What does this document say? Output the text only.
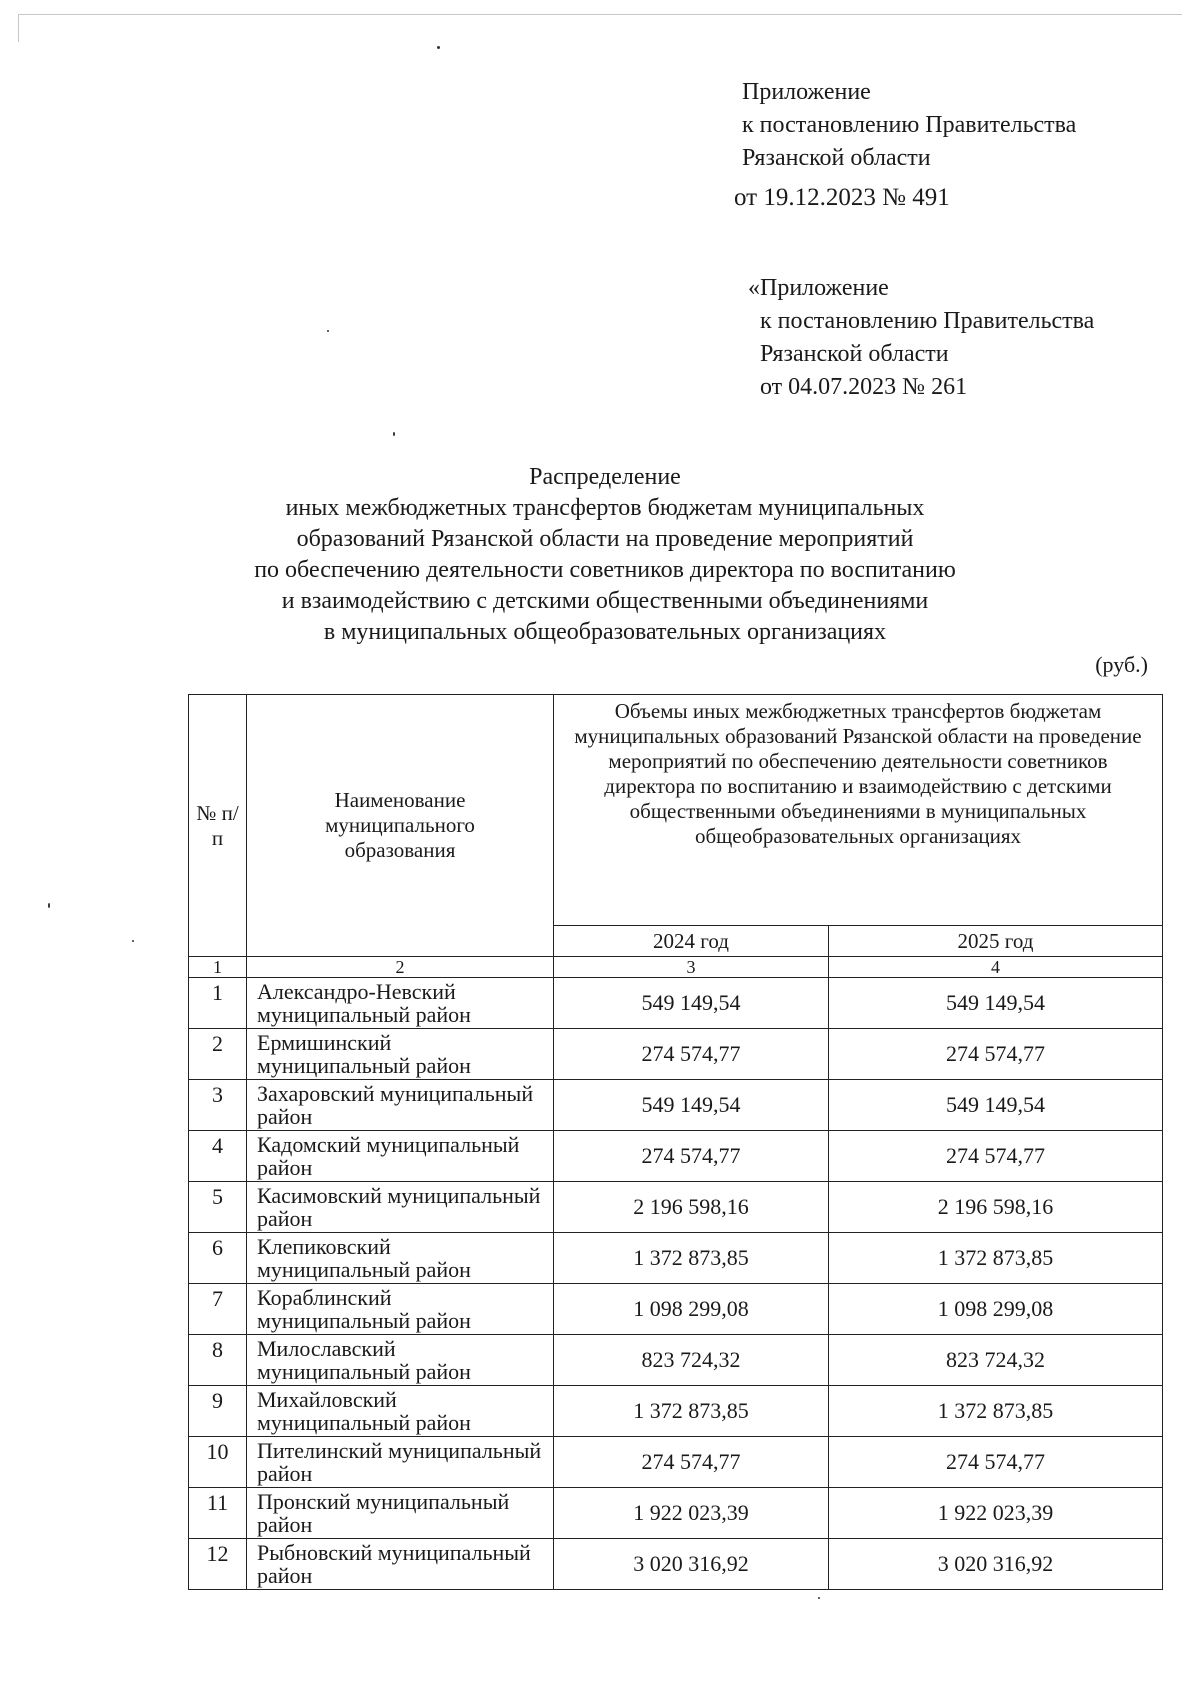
Приложение
к постановлению Правительства
Рязанской области
от 19.12.2023 № 491
«Приложение
к постановлению Правительства
Рязанской области
от 04.07.2023 № 261
Распределение
иных межбюджетных трансфертов бюджетам муниципальных
образований Рязанской области на проведение мероприятий
по обеспечению деятельности советников директора по воспитанию
и взаимодействию с детскими общественными объединениями
в муниципальных общеобразовательных организациях
(руб.)
№ п/п	Наименование муниципального образования	Объемы иных межбюджетных трансфертов бюджетам муниципальных образований Рязанской области на проведение мероприятий по обеспечению деятельности советников директора по воспитанию и взаимодействию с детскими общественными объединениями в муниципальных общеобразовательных организациях	
		2024 год	2025 год
1	2	3	4
1	Александро-Невский муниципальный район	549 149,54	549 149,54
2	Ермишинский муниципальный район	274 574,77	274 574,77
3	Захаровский муниципальный район	549 149,54	549 149,54
4	Кадомский муниципальный район	274 574,77	274 574,77
5	Касимовский муниципальный район	2 196 598,16	2 196 598,16
6	Клепиковский муниципальный район	1 372 873,85	1 372 873,85
7	Кораблинский муниципальный район	1 098 299,08	1 098 299,08
8	Милославский муниципальный район	823 724,32	823 724,32
9	Михайловский муниципальный район	1 372 873,85	1 372 873,85
10	Пителинский муниципальный район	274 574,77	274 574,77
11	Пронский муниципальный район	1 922 023,39	1 922 023,39
12	Рыбновский муниципальный район	3 020 316,92	3 020 316,92
